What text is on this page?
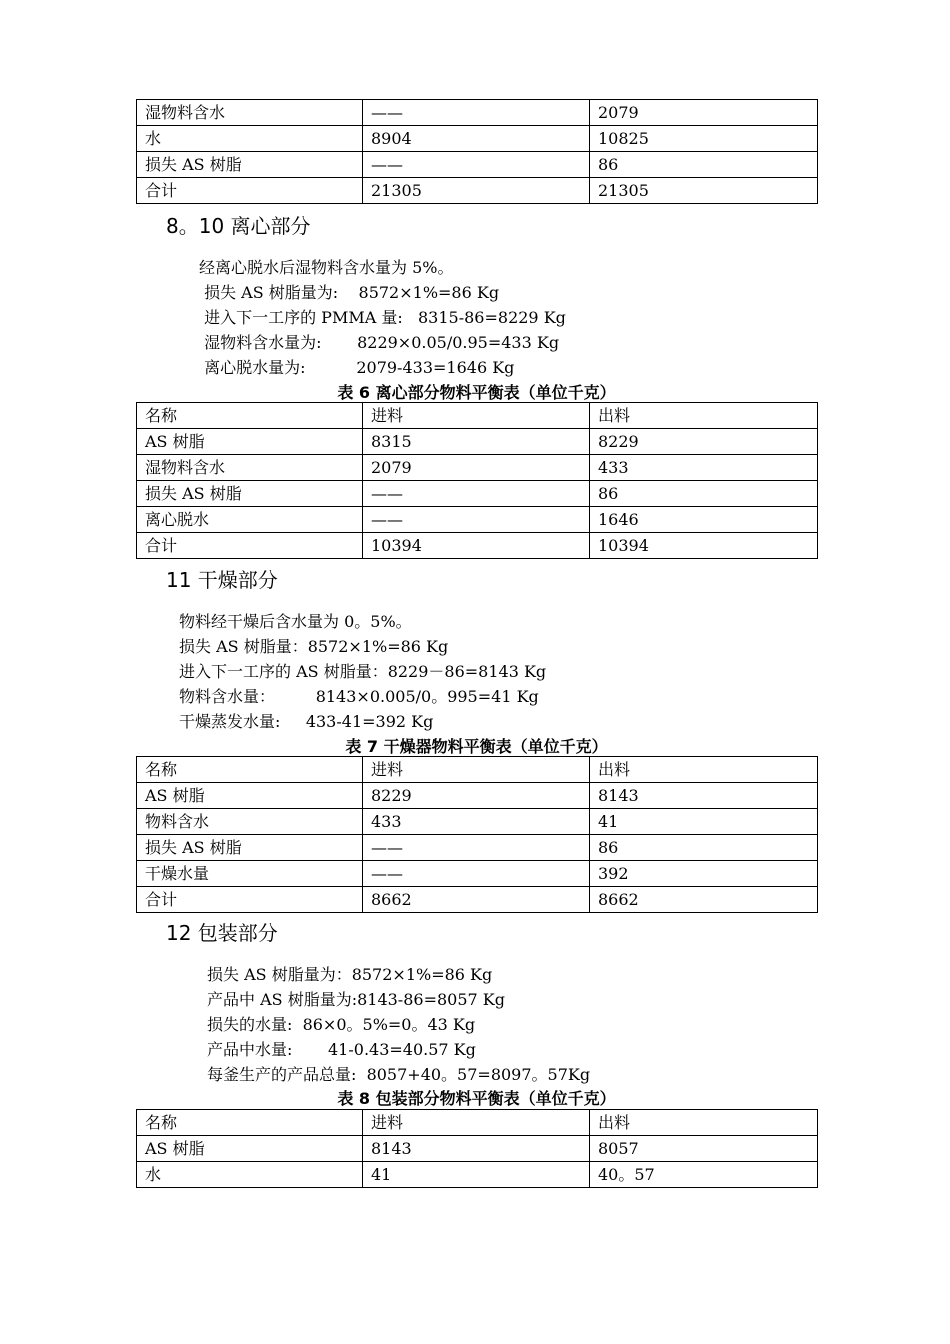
湿物料含水	——	2079
水	8904	10825
损失 AS 树脂	——	86
合计	21305	21305
8。10 离心部分
经离心脱水后湿物料含水量为 5%。
损失 AS 树脂量为:    8572×1%=86 Kg
进入下一工序的 PMMA 量:   8315-86=8229 Kg
湿物料含水量为:       8229×0.05/0.95=433 Kg
离心脱水量为:          2079-433=1646 Kg
表 6 离心部分物料平衡表（单位千克）
名称	进料	出料
AS 树脂	8315	8229
湿物料含水	2079	433
损失 AS 树脂	——	86
离心脱水	——	1646
合计	10394	10394
11 干燥部分
物料经干燥后含水量为 0。5%。
损失 AS 树脂量：8572×1%=86 Kg
进入下一工序的 AS 树脂量：8229－86=8143 Kg
物料含水量：        8143×0.005/0。995=41 Kg
干燥蒸发水量:     433-41=392 Kg
表 7 干燥器物料平衡表（单位千克）
名称	进料	出料
AS 树脂	8229	8143
物料含水	433	41
损失 AS 树脂	——	86
干燥水量	——	392
合计	8662	8662
12 包装部分
损失 AS 树脂量为：8572×1%=86 Kg
产品中 AS 树脂量为:8143-86=8057 Kg
损失的水量:  86×0。5%=0。43 Kg
产品中水量:       41-0.43=40.57 Kg
每釜生产的产品总量:  8057+40。57=8097。57Kg
表 8 包装部分物料平衡表（单位千克）
名称	进料	出料
AS 树脂	8143	8057
水	41	40。57
